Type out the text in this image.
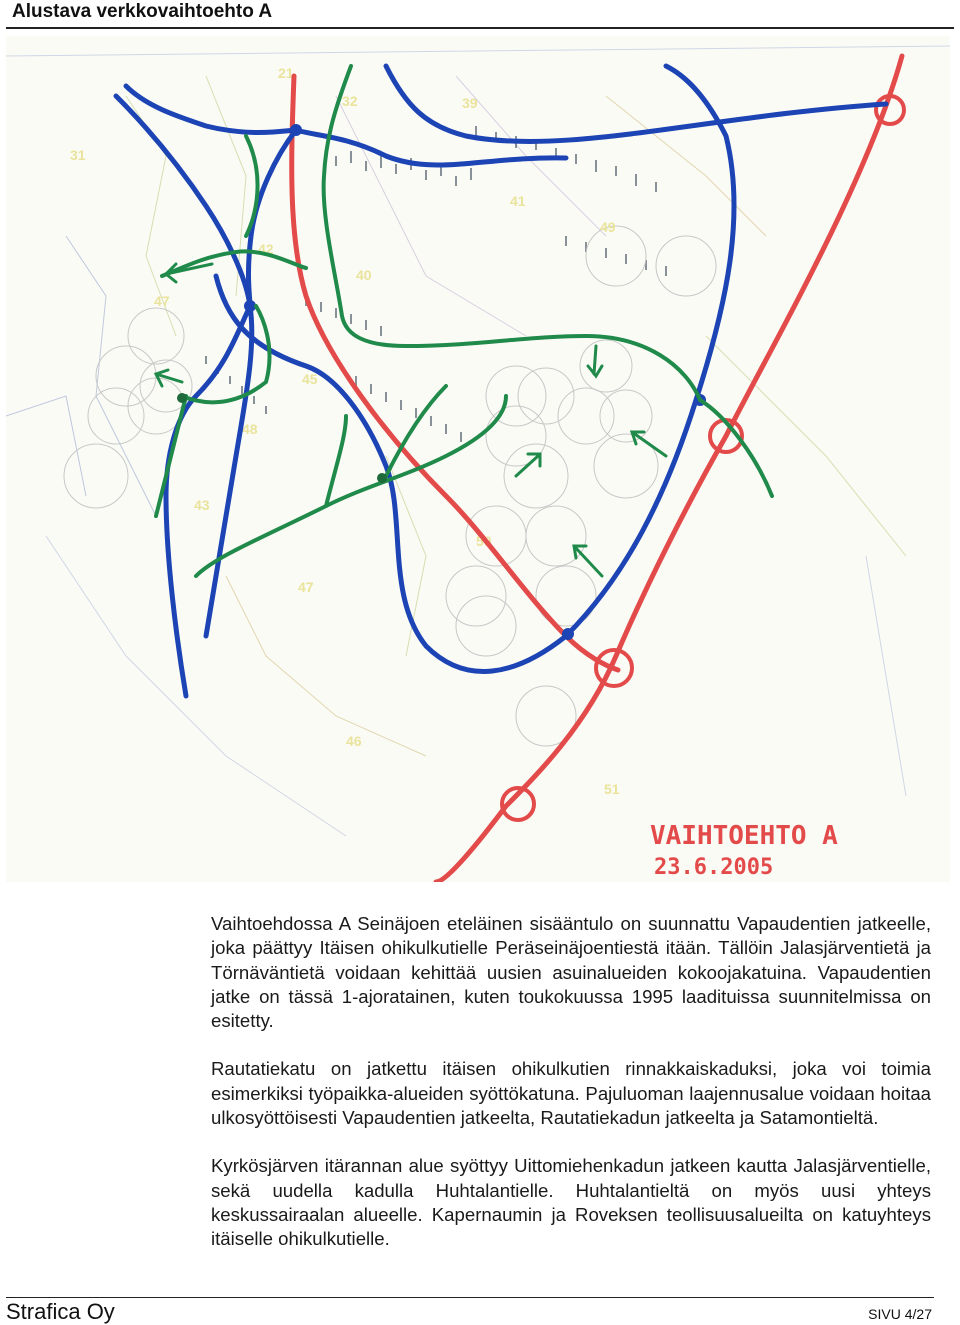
Alustava verkkovaihtoehto A
31
21
32	39
41
42
40
47
45
48
46
50
51
43
47
49
VAIHTOEHTO A
23.6.2005

Vaihtoehdossa A Seinäjoen eteläinen sisääntulo on suunnattu Vapaudentien jatkeelle, joka päättyy Itäisen ohikulkutielle Peräseinäjoentiestä itään. Tällöin Jalasjärventietä ja Törnäväntietä voidaan kehittää uusien asuinalueiden kokoojakatuina. Vapaudentien jatke on tässä 1-ajoratainen, kuten toukokuussa 1995 laadituissa suunnitelmissa on esitetty.

Rautatiekatu on jatkettu itäisen ohikulkutien rinnakkaiskaduksi, joka voi toimia esimerkiksi työpaikka-alueiden syöttökatuna. Pajuluoman laajennusalue voidaan hoitaa ulkosyöttöisesti Vapaudentien jatkeelta, Rautatiekadun jatkeelta ja Satamontieltä.

Kyrkösjärven itärannan alue syöttyy Uittomiehenkadun jatkeen kautta Jalasjärventielle, sekä uudella kadulla Huhtalantielle. Huhtalantieltä on myös uusi yhteys keskussairaalan alueelle. Kapernaumin ja Roveksen teollisuusalueilta on katuyhteys itäiselle ohikulkutielle.

Strafica Oy	SIVU 4/27
